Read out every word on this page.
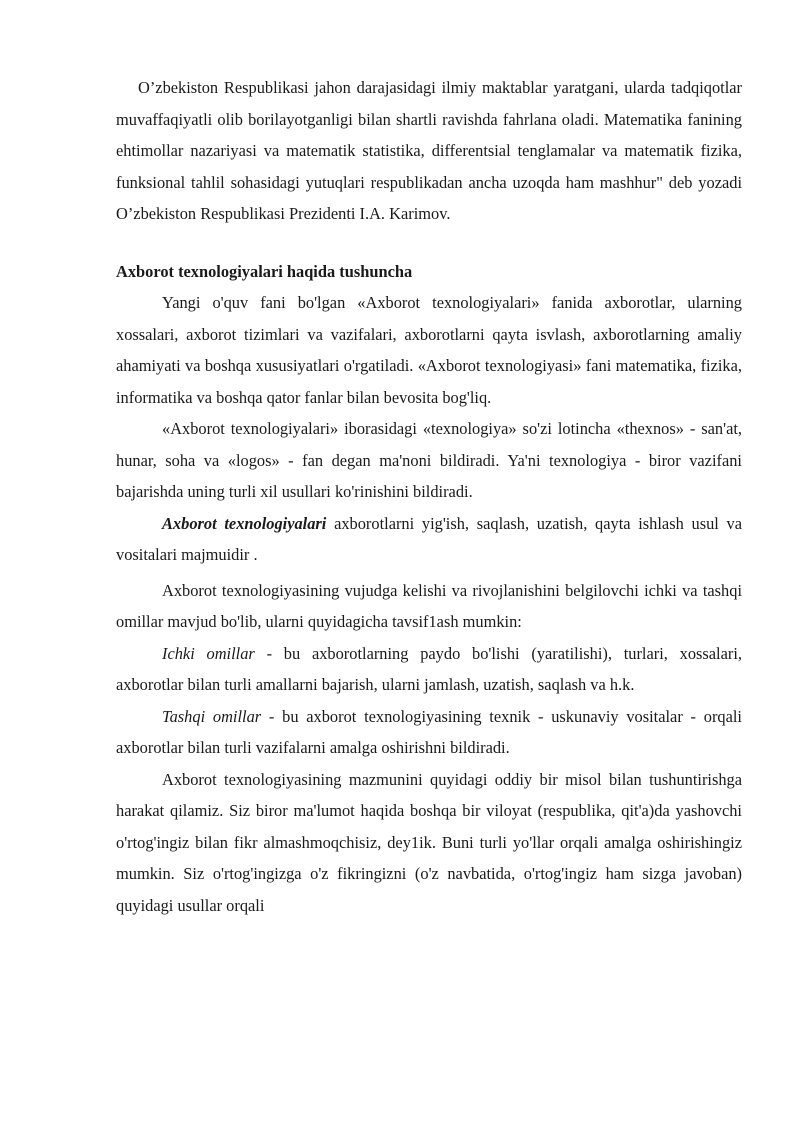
O’zbekiston Respublikasi jahon darajasidagi ilmiy maktablar yaratgani, ularda tadqiqotlar muvaffaqiyatli olib borilayotganligi bilan shartli ravishda fahrlana oladi. Matematika fanining ehtimollar nazariyasi va matematik statistika, differentsial tenglamalar va matematik fizika, funksional tahlil sohasidagi yutuqlari respublikadan ancha uzoqda ham mashhur" deb yozadi O’zbekiston Respublikasi Prezidenti I.A. Karimov.

Axborot texnologiyalari haqida tushuncha

Yangi o'quv fani bo'lgan «Axborot texnologiyalari» fanida axborotlar, ularning xossalari, axborot tizimlari va vazifalari, axborotlarni qayta isvlash, axborotlarning amaliy ahamiyati va boshqa xususiyatlari o'rgatiladi. «Axborot texnologiyasi» fani matematika, fizika, informatika va boshqa qator fanlar bilan bevosita bog'liq.

«Axborot texnologiyalari» iborasidagi «texnologiya» so'zi lotincha «thexnos» - san'at, hunar, soha va «logos» - fan degan ma'noni bildiradi. Ya'ni texnologiya - biror vazifani bajarishda uning turli xil usullari ko'rinishini bildiradi.

Axborot texnologiyalari axborotlarni yig'ish, saqlash, uzatish, qayta ishlash usul va vositalari majmuidir .

Axborot texnologiyasining vujudga kelishi va rivojlanishini belgilovchi ichki va tashqi omillar mavjud bo'lib, ularni quyidagicha tavsif1ash mumkin:

Ichki omillar - bu axborotlarning paydo bo'lishi (yaratilishi), turlari, xossalari, axborotlar bilan turli amallarni bajarish, ularni jamlash, uzatish, saqlash va h.k.

Tashqi omillar - bu axborot texnologiyasining texnik - uskunaviy vositalar - orqali axborotlar bilan turli vazifalarni amalga oshirishni bildiradi.

Axborot texnologiyasining mazmunini quyidagi oddiy bir misol bilan tushuntirishga harakat qilamiz. Siz biror ma'lumot haqida boshqa bir viloyat (respublika, qit'a)da yashovchi o'rtog'ingiz bilan fikr almashmoqchisiz, dey1ik. Buni turli yo'llar orqali amalga oshirishingiz mumkin. Siz o'rtog'ingizga o'z fikringizni (o'z navbatida, o'rtog'ingiz ham sizga javoban) quyidagi usullar orqali
